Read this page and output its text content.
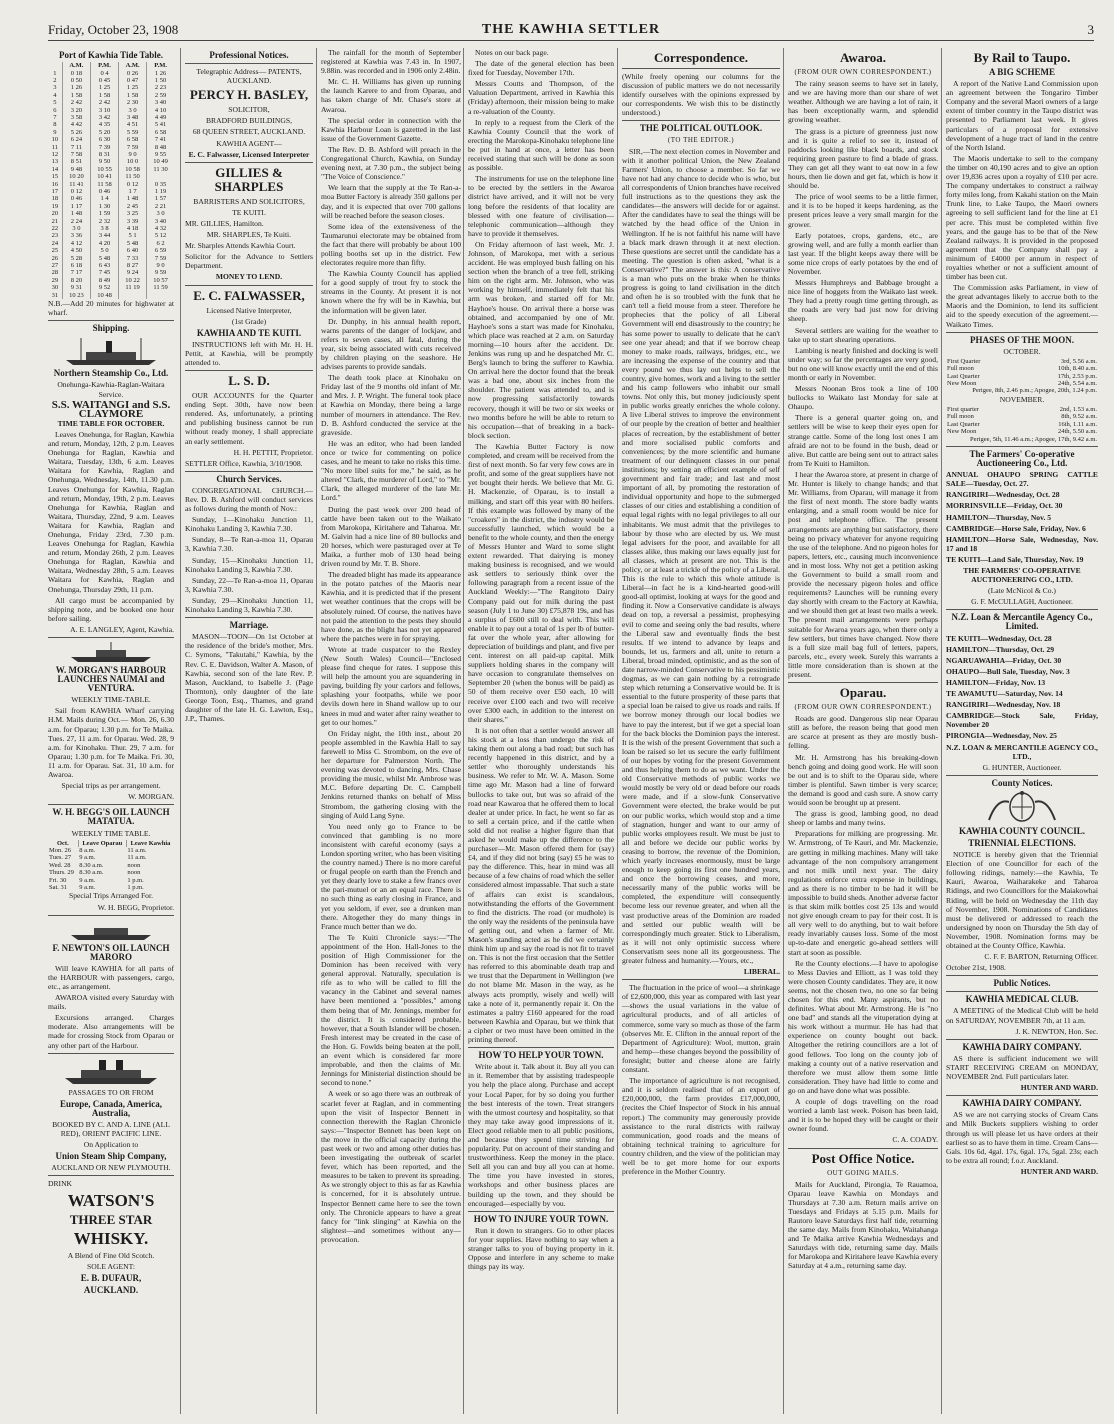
Friday, October 23, 1908	THE KAWHIA SETTLER	3
Port of Kawhia Tide Table.
	A.M.	P.M.	A.M.	P.M.
1	0 18	0 4	0 26	1 26
2	0 50	0 45	0 47	1 50
3	1 26	1 25	1 25	2 23
4	1 58	1 58	1 58	2 59
5	2 42	2 42	2 30	3 40
6	3 20	3 10	3 0	4 10
7	3 58	3 42	3 48	4 49
8	4 42	4 35	4 51	5 41
9	5 26	5 20	5 59	6 58
10	6 24	6 30	6 58	7 41
11	7 11	7 39	7 59	8 48
12	7 58	8 31	9 0	9 55
13	8 51	9 50	10 0	10 49
14	9 48	10 55	10 58	11 30
15	10 20	10 41	11 50	
16	11 41	11 58	0 12	0 35
17	0 12	0 46	1 7	1 19
18	0 46	1 4	1 48	1 57
19	1 17	1 30	2 45	2 21
20	1 48	1 59	3 25	3 0
21	2 24	2 32	3 39	3 40
22	3 0	3 8	4 18	4 32
23	3 36	3 44	5 1	5 12
24	4 12	4 20	5 48	6 2
25	4 50	5 0	6 40	6 59
26	5 28	5 48	7 33	7 59
27	6 18	6 43	8 27	9 0
28	7 17	7 45	9 24	9 59
29	8 20	8 49	10 22	10 57
30	9 31	9 52	11 19	11 59
31	10 23	10 48		

N.B.—Add 20 minutes for highwater at wharf.

Shipping.
Northern Steamship Co., Ltd.

Onehunga-Kawhia-Raglan-Waitara Service.

S.S. WAITANGI and S.S. CLAYMORE

TIME TABLE FOR OCTOBER.

Leaves Onehunga, for Raglan, Kawhia and return, Monday, 12th, 2 p.m. Leaves Onehunga for Raglan, Kawhia and Waitara, Tuesday, 13th, 6 a.m. Leaves Waitara for Kawhia, Raglan and Onehunga, Wednesday, 14th, 11.30 p.m. Leaves Onehunga for Kawhia, Raglan and return, Monday, 19th, 2 p.m. Leaves Onehunga for Kawhia, Raglan and Waitara, Thursday, 22nd, 9 a.m. Leaves Waitara for Kawhia, Raglan and Onehunga, Friday 23rd, 7.30 p.m. Leaves Onehunga for Raglan, Kawhia and return, Monday 26th, 2 p.m. Leaves Onehunga for Raglan, Kawhia and Waitara, Wednesday 28th, 5 a.m. Leaves Waitara for Kawhia, Raglan and Onehunga, Thursday 29th, 11 p.m.

All cargo must be accompanied by shipping note, and be booked one hour before sailing.

A. E. LANGLEY, Agent, Kawhia.

W. MORGAN'S HARBOUR LAUNCHES NAUMAI and VENTURA.

WEEKLY TIME-TABLE.

Sail from KAWHIA Wharf carrying H.M. Mails during Oct.— Mon. 26, 6.30 a.m. for Oparau; 1.30 p.m. for Te Maika. Tues. 27, 11 a.m. for Oparau. Wed. 28, 9 a.m. for Kinohaku. Thur. 29, 7 a.m. for Oparau; 1.30 p.m. for Te Maika. Fri. 30, 11 a.m. for Oparau. Sat. 31, 10 a.m. for Awaroa.

Special trips as per arrangement.

W. MORGAN.

W. H. BEGG'S OIL LAUNCH MATATUA.

WEEKLY TIME TABLE.

Oct.	Leave Oparau	Leave Kawhia
Mon. 26	8 a.m.	11 a.m.
Tues. 27	9 a.m.	11 a.m.
Wed. 28	8.30 a.m.	noon
Thurs. 29	8.30 a.m.	noon
Fri. 30	9 a.m.	1 p.m.
Sat. 31	9 a.m.	1 p.m.

Special Trips Arranged For.

W. H. BEGG, Proprietor.

F. NEWTON'S OIL LAUNCH MARORO

Will leave KAWHIA for all parts of the HARBOUR with passengers, cargo, etc., as arrangement.

AWAROA visited every Saturday with mails.

Excursions arranged. Charges moderate. Also arrangements will be made for crossing Stock from Oparau or any other part of the Harbour.

PASSAGES TO OR FROM

Europe, Canada, America, Australia,

BOOKED BY C. AND A. LINE (ALL RED), ORIENT PACIFIC LINE.

On Application to

Union Steam Ship Company,

AUCKLAND OR NEW PLYMOUTH.

DRINK

WATSON'S
THREE STAR
WHISKY.

A Blend of Fine Old Scotch.

SOLE AGENT:

E. B. DUFAUR,
AUCKLAND.
Professional Notices.

Telegraphic Address— PATENTS, AUCKLAND.

PERCY H. BASLEY,

SOLICITOR,

BRADFORD BUILDINGS,

68 QUEEN STREET, AUCKLAND.

KAWHIA AGENT—

E. C. Falwasser, Licensed Interpreter

GILLIES & SHARPLES

BARRISTERS AND SOLICITORS,

TE KUITI.

MR. GILLIES, Hamilton.

MR. SHARPLES, Te Kuiti.

Mr. Sharples Attends Kawhia Court.

Solicitor for the Advance to Settlers Department.

MONEY TO LEND.

E. C. FALWASSER,

Licensed Native Interpreter,

(1st Grade)

KAWHIA AND TE KUITI.

INSTRUCTIONS left with Mr. H. H. Pettit, at Kawhia, will be promptly attended to.

L. S. D.

OUR ACCOUNTS for the Quarter ending Sept. 30th, have now been rendered. As, unfortunately, a printing and publishing business cannot be run without ready money, I shall appreciate an early settlement.

H. H. PETTIT, Proprietor.

SETTLER Office, Kawhia, 3/10/1908.

Church Services.

CONGREGATIONAL CHURCH.—Rev. D. B. Ashford will conduct services as follows during the month of Nov.:

Sunday, 1—Kinohaku Junction 11, Kinohaku Landing 3, Kawhia 7.30.

Sunday, 8—Te Ran-a-moa 11, Oparau 3, Kawhia 7.30.

Sunday, 15—Kinohaku Junction 11, Kinohaku Landing 3, Kawhia 7.30.

Sunday, 22—Te Ran-a-moa 11, Oparau 3, Kawhia 7.30.

Sunday, 29—Kinohaku Junction 11, Kinohaku Landing 3, Kawhia 7.30.

Marriage.

MASON—TOON—On 1st October at the residence of the bride's mother, Mrs. C. Symons, "Takutahi," Kawhia, by the Rev. C. E. Davidson, Walter A. Mason, of Kawhia, second son of the late Rev. P. Mason, Auckland, to Isabelle J. (Page Thornton), only daughter of the late George Toon, Esq., Thames, and grand daughter of the late H. G. Lawton, Esq., J.P., Thames.

The rainfall for the month of September registered at Kawhia was 7.43 in. In 1907, 9.88in. was recorded and in 1906 only 2.48in.

Mr. C. H. Williams has given up running the launch Karere to and from Oparau, and has taken charge of Mr. Chase's store at Awaroa.

The special order in connection with the Kawhia Harbour Loan is gazetted in the last issue of the Government Gazette.

The Rev. D. B. Ashford will preach in the Congregational Church, Kawhia, on Sunday evening next, at 7.30 p.m., the subject being "The Voice of Conscience."

We learn that the supply at the Te Ran-a-moa Butter Factory is already 350 gallons per day, and it is expected that over 700 gallons will be reached before the season closes.

Some idea of the extensiveness of the Taumarunui electorate may be obtained from the fact that there will probably be about 100 polling booths set up in the district. Few electorates require more than fifty.

The Kawhia County Council has applied for a good supply of trout fry to stock the streams in the County. At present it is not known where the fry will be in Kawhia, but the information will be given later.

Dr. Dunphy, in his annual health report, warns parents of the danger of lockjaw, and refers to seven cases, all fatal, during the year, six being associated with cuts received by children playing on the seashore. He advises parents to provide sandals.

The death took place at Kinohaku on Friday last of the 9 months old infant of Mr. and Mrs. J. P. Wright. The funeral took place at Kawhia on Monday, there being a large number of mourners in attendance. The Rev. D. B. Ashford conducted the service at the graveside.

He was an editor, who had been landed once or twice for commenting on police cases, and he meant to take no risks this time. "No more libel suits for me," he said, as he altered "Clark, the murderer of Lord," to "Mr. Clark, the alleged murderer of the late Mr. Lord."

During the past week over 200 head of cattle have been taken out to the Waikato from Marokopa, Kiritahere and Taharoa. Mr. M. Galvin had a nice line of 80 bullocks and 20 horses, which were pasturaged over at Te Maika, a further mob of 130 head being driven round by Mr. T. B. Shore.

The dreaded blight has made its appearance in the potato patches of the Maoris near Kawhia, and it is predicted that if the present wet weather continues that the crops will be absolutely ruined. Of course, the natives have not paid the attention to the pests they should have done, as the blight has not yet appeared where the patches were in for spraying.

Wrote at trade cuspatcer to the Rexley (New South Wales) Council—"Enclosed please find cheque for rates. I suppose this will help the amount you are squandering in paving, building fly your carlors and fellows, splashing your footpaths, while we poor devils down here in Shand wallow up to our knees in mud and water after rainy weather to get to our homes."

On Friday night, the 10th inst., about 20 people assembled in the Kawhia Hall to say farewell to Miss C. Strombom, on the eve of her departure for Palmerston North. The evening was devoted to dancing, Mrs. Chase providing the music, whilst Mr. Ambrose was M.C. Before departing Dr. C. Campbell Jenkins returned thanks on behalf of Miss Strombom, the gathering closing with the singing of Auld Lang Syne.

You need only go to France to be convinced that gambling is no more inconsistent with careful economy (says a London sporting writer, who has been visiting the country named.) There is no more careful or frugal people on earth than the French and yet they dearly love to stake a few francs over the pari-mutuel or an an equal race. There is no such thing as early closing in France, and yet you seldom, if ever, see a drunken man there. Altogether they do many things in France much better than we do.

The Te Kuiti Chronicle says:—"The appointment of the Hon. Hall-Jones to the position of High Commissioner for the Dominion has been received with very general approval. Naturally, speculation is rife as to who will be called to fill the vacancy in the Cabinet and several names have been mentioned a "possibles," among them being that of Mr. Jennings, member for the district. It is considered probable, however, that a South Islander will be chosen. Fresh interest may be created in the case of the Hon. G. Fowlds being beaten at the poll, an event which is considered far more improbable, and then the claims of Mr. Jennings for Ministerial distinction should be second to none."

A week or so ago there was an outbreak of scarlet fever at Raglan, and in commenting upon the visit of Inspector Bennett in connection therewith the Raglan Chronicle says:—"Inspector Bennett has been kept on the move in the official capacity during the past week or two and among other duties has been investigating the outbreak of scarlet fever, which has been reported, and the measures to be taken to prevent its spreading. As we strongly object to this as far as Kawhia is concerned, for it is absolutely untrue. Inspector Bennett came here to see the town only. The Chronicle appears to have a great fancy for "link slinging" at Kawhia on the slightest—and sometimes without any—provocation.

Notes on our back page.

The date of the general election has been fixed for Tuesday, November 17th.

Messrs Coutts and Thompson, of the Valuation Department, arrived in Kawhia this (Friday) afternoon, their mission being to make a re-valuation of the County.

In reply to a request from the Clerk of the Kawhia County Council that the work of erecting the Marokopa-Kinohaku telephone line be put in hand at once, a letter has been received stating that such will be done as soon as possible.

The instruments for use on the telephone line to be erected by the settlers in the Awaroa district have arrived, and it will not be very long before the residents of that locality are blessed with one feature of civilisation—telephonic communication—although they have to provide it themselves.

On Friday afternoon of last week, Mr. J. Johnson, of Marokopa, met with a serious accident. He was employed bush falling on his section when the branch of a tree fell, striking him on the right arm. Mr. Johnson, who was working by himself, immediately felt that his arm was broken, and started off for Mr. Hayhoe's house. On arrival there a horse was obtained, and accompanied by one of Mr. Hayhoe's sons a start was made for Kinohaku, which place was reached at 2 a.m. on Saturday morning—10 hours after the accident. Dr. Jenkins was rung up and he despatched Mr. C. Berg's launch to bring the sufferer to Kawhia. On arrival here the doctor found that the break was a bad one, about six inches from the shoulder. The patient was attended to, and is now progressing satisfactorily towards recovery, though it will be two or six weeks or two months before he will be able to return to his occupation—that of breaking in a back-block section.

The Kawhia Butter Factory is now completed, and cream will be received from the first of next month. So far very few cows are in profit, and some of the great suppliers have not yet bought their herds. We believe that Mr. G. H. Mackenzie, of Oparau, is to install a milking, and start off this year with 80 heifers. If this example was followed by many of the "croakers" in the district, the industry would be successfully launched, which would be a benefit to the whole county, and then the energy of Messrs Hunter and Ward to some slight extent rewarded. That dairying is money making business is recognised, and we would ask settlers to seriously think over the following paragraph from a recent issue of the Auckland Weekly:—"The Rangitoto Dairy Company paid out for milk during the past season (July 1 to June 30) £75,878 19s, and has a surplus of £600 still to deal with. This will enable it to pay out a total of 1s per lb of butter-fat over the whole year, after allowing for depreciation of buildings and plant, and five per cent. interest on all paid-up capital. Milk suppliers holding shares in the company will have occasion to congratulate themselves on September 20 (when the bonus will be paid) as 50 of them receive over £50 each, 10 will receive over £100 each and two will receive over £300 each, in addition to the interest on their shares."

It is not often that a settler would answer all his stock at a loss than undergo the risk of taking them out along a bad road; but such has recently happened in this district, and by a settler who thoroughly understands his business. We refer to Mr. W. A. Mason. Some time ago Mr. Mason had a line of forward bullocks to take out, but was so afraid of the road near Kawaroa that he offered them to local dealer at under price. In fact, he went so far as to sell a certain price, and if the cattle when sold did not realise a higher figure than that asked he would make up the difference to the purchaser—Mr. Mason offered them for (say) £4, and if they did not bring (say) £5 he was to pay the difference. This, hear in mind was all because of a few chains of road which the seller considered almost impassable. That such a state of affairs can exist is scandalous, notwithstanding the efforts of the Government to find the districts. The road (or mudhole) is the only way the residents of the peninsula have of getting out, and when a farmer of Mr. Mason's standing acted as he did we certainly think him up and say the road is not fit to travel on. This is not the first occasion that the Settler has referred to this abominable death trap and we trust that the Department in Wellington (we do not blame Mr. Mason in the way, as he always acts promptly, wisely and well) will take a note of it, permanently repair it. On the estimates a paltry £160 appeared for the road between Kawhia and Oparau, but we think that a cipher or two must have been omitted in the printing thereof.

HOW TO HELP YOUR TOWN.

Write about it. Talk about it. Buy all you can in it. Remember that by assisting tradespeople you help the place along. Purchase and accept your Local Paper, for by so doing you further the best interests of the town. Treat strangers with the utmost courtesy and hospitality, so that they may take away good impressions of it. Elect good reliable men to all public positions, and because they spend time striving for popularity. Put on account of their standing and trustworthiness. Keep the money in the place. Sell all you can and buy all you can at home. The time you have invested in stores, workshops and other business places are building up the town, and they should be encouraged—especially by vou.

HOW TO INJURE YOUR TOWN.

Run it down to strangers. Go to other places for your supplies. Have nothing to say when a stranger talks to you of buying property in it. Oppose and interfere in any scheme to make things pay its way.

Correspondence.

(While freely opening our columns for the discussion of public matters we do not necessarily identify ourselves with the opinions expressed by our correspondents. We wish this to be distinctly understood.)

THE POLITICAL OUTLOOK.

(TO THE EDITOR.)

SIR,—The next election comes in November and with it another political Union, the New Zealand Farmers' Union, to choose a member. So far we have not had any chance to decide who is who, but all correspondents of Union branches have received full instructions as to the questions they ask the candidates—the answers will decide for or against. After the candidates have to seal the things will be watched by the head office of the Union in Wellington. If he is not faithful his name will have a black mark drawn through it at next election. These questions are secret until the candidate has a meeting. The question is often asked, "what is a Conservative?" The answer is this: A conservative is a man who puts on the brake when he thinks progress is going to land civilisation in the ditch and often he is so troubled with the funk that he can't tell a field mouse from a steer. Therefore he prophecies that the policy of all Liberal Government will end disastrously to the country; he has some power to usually to delicate that he can't see one year ahead; and that if we borrow cheap money to make roads, railways, bridges, etc., we are increasing the expense of the country and that every pound we thus lay out helps to sell the country, give homes, work and a living to the settler and his camp followers who inhabit our small towns. Not only this, but money judiciously spent in public works greatly enriches the whole colony. A live Liberal strives to improve the environment of our people by the creation of better and healthier places of recreation, by the establishment of better and more socialised public comforts and conveniences; by the more scientific and humane treatment of our delinquent classes in our penal institutions; by setting an efficient example of self government and fair trade; and last and most important of all, by promoting the restoration of individual opportunity and hope to the submerged classes of our cities and establishing a condition of equal legal rights with no legal privileges to all our inhabitants. We must admit that the privileges to labour by those who are elected by us. We must legal advisers for the poor, and available for all classes alike, thus making our laws equally just for all classes, which at present are not. This is the policy, or at least a trickle of the policy of a Liberal. This is the rule to which this whole attitude is Liberal—in fact he is a kind-hearted good-will good-all optimist, looking at ways for the good and finding it. Now a Conservative candidate is always dead on top, a reversal a pessimist, prophesying evil to come and seeing only the bad results, where the Liberal saw and eventually finds the best results. If we intend to advance by leaps and bounds, let us, farmers and all, unite to return a Liberal, broad minded, optimistic, and as the son of date narrow-minded Conservative to his pessimistic dogmas, as we can gain nothing by a retrograde step which returning a Conservative would be. It is essential to the future prosperity of these parts that a special loan be raised to give us roads and rails. If we borrow money through our local bodies we have to pay the interest, but if we get a special loan for the back blocks the Dominion pays the interest. It is the wish of the present Government that such a loan be raised so let us secure the early fulfilment of our hopes by voting for the present Government and thus helping them to do as we want. Under the old Conservative methods of public works we would mostly be very old or dead before our roads were made, and if a slow-funk Conservative Government were elected, the brake would be put on our public works, which would stop and a time of stagnation, hunger and want to our army of public works employees result. We must be just to all and before we decide our public works by ceasing to borrow, the revenue of the Dominion, which yearly increases enormously, must be large enough to keep going its first one hundred years, and once the borrowing ceases, and more, necessarily many of the public works will be completed, the expenditure will consequently become less our revenue greater, and when all the vast productive areas of the Dominion are roaded and settled our public wealth will be correspondingly much greater. Stick to Liberalism, as it will not only optimistic success where Conservatism sees none all its gorgeousness. The greater fulness and humanity.—Yours, etc.,

LIBERAL.

The fluctuation in the price of wool—a shrinkage of £2,600,000, this year as compared with last year—shows the usual variations in the value of agricultural products, and of all articles of commerce, some vary so much as those of the farm (observes Mr. E. Clifton in the annual report of the Department of Agriculture): Wool, mutton, grain and hemp—these changes beyond the possibility of foresight; butter and cheese alone are fairly constant.

The importance of agriculture is not recognised, and it is seldom realised that of an export of £20,000,000, the farm provides £17,000,000, (recites the Chief Inspector of Stock in his annual report.) The community may generously provide assistance to the rural districts with railway communication, good roads and the means of obtaining technical training to agriculture for country children, and the view of the politician may well be to get more home for our exports preference in the Mother Country.

Awaroa.

(FROM OUR OWN CORRESPONDENT.)

The rainy season seems to have set in lately, and we are having more than our share of wet weather. Although we are having a lot of rain, it has been exceptionally warm, and splendid growing weather.

The grass is a picture of greenness just now and it is quite a relief to see it, instead of paddocks looking like black boards, and stock requiring green pasture to find a blade of grass. They can get all they want to eat now in a few hours, then lie down and get fat, which is how it should be.

The price of wool seems to be a little firmer, and it is to be hoped it keeps hardening, as the present prices leave a very small margin for the grower.

Early potatoes, crops, gardens, etc., are growing well, and are fully a month earlier than last year. If the blight keeps away there will be some nice crops of early potatoes by the end of November.

Messrs Humphreys and Babbage brought a nice line of hoggets from the Waikato last week. They had a pretty rough time getting through, as the roads are very bad just now for driving sheep.

Several settlers are waiting for the weather to take up to start shearing operations.

Lambing is nearly finished and docking is well under way; so far the percentages are very good, but no one will know exactly until the end of this month or early in November.

Messrs Noonan Bros took a line of 100 bullocks to Waikato last Monday for sale at Ohaupo.

There is a general quarter going on, and settlers will be wise to keep their eyes open for strange cattle. Some of the long lost ones I am afraid are not to be found in the bush, dead or alive. But cattle are being sent out to attract sales from Te Kuiti to Hamilton.

I hear the Awaroa store, at present in charge of Mr. Hunter is likely to change hands; and that Mr. Williams, from Oparau, will manage it from the first of next month. The store badly wants enlarging, and a small room would be nice for post and telephone office. The present arrangements are anything but satisfactory, there being no privacy whatever for anyone requiring the use of the telephone. And no pigeon holes for papers, letters, etc., causing much inconvenience and in most loss. Why not get a petition asking the Government to build a small room and provide the necessary pigeon holes and office requirements? Launches will be running every day shortly with cream to the Factory at Kawhia, and we should then get at least two mails a week. The present mail arrangements were perhaps suitable for Awaroa years ago, when there only a few settlers, but times have changed. Now there is a full size mail bag full of letters, papers, parcels, etc., every week. Surely this warrants a little more consideration than is shown at the present.

Oparau.

(FROM OUR OWN CORRESPONDENT.)

Roads are good. Dangerous slip near Oparau still as before, the reason being that good men are scarce at present as they are mostly bush-felling.

Mr. H. Armstrong has his breaking-down bench going and doing good work. He will soon be out and is to shift to the Oparau side, where timber is plentiful. Sawn timber is very scarce; the demand is good and cash sure. A snow carry would soon be brought up at present.

The grass is good, lambing good, no dead sheep or lambs and many twins.

Preparations for milking are progressing. Mr. W. Armstrong, of Te Kauri, and Mr. Mackenzie, are getting in milking machines. Many will take advantage of the non compulsory arrangement and not milk until next year. The dairy regulations enforce extra expense in buildings, and as there is no timber to be had it will be impossible to build sheds. Another adverse factor is that skim milk bottles cost 25 13s and would not give enough cream to pay for their cost. It is all very well to do anything, but to wait before ready invariably causes loss. Some of the most up-to-date and energetic go-ahead settlers will start at soon as possible.

Re the County elections.—I have to apologise to Mess Davies and Elliott, as I was told they were chosen County candidates. They are, it now seems, not the chosen two, no one so far being chosen for this end. Many aspirants, but no definites. What about Mr. Armstrong. He is "no one bad" and stands all the vituperation dying at his work without a murmur. He has had that experience on county bought out back. Altogether the retiring councillors are a lot of good fellows. Too long on the county job of making a county out of a native reservation and therefore we must allow them some little consideration. They have had little to come and go on and have done what was possible.

A couple of dogs travelling on the road worried a lamb last week. Poison has been laid, and it is to be hoped they will be caught or their owner found.

C. A. COADY.

Post Office Notice.

OUT GOING MAILS.

Mails for Auckland, Pirongia, Te Rauamoa, Oparau leave Kawhia on Mondays and Thursdays at 7.30 a.m. Return mails arrive on Tuesdays and Fridays at 5.15 p.m. Mails for Rautoro leave Saturdays first half tide, returning the same day. Mails from Kinohaku, Waitahanga and Te Maika arrive Kawhia Wednesdays and Saturdays with tide, returning same day. Mails for Marokopa and Kiritahere leave Kawhia every Saturday at 4 a.m., returning same day.

By Rail to Taupo.
A BIG SCHEME

A report of the Native Land Commission upon an agreement between the Tongariro Timber Company and the several Maori owners of a large extent of timber country in the Taupo district was presented to Parliament last week. It gives particulars of a proposal for extensive development of a huge tract of land in the centre of the North Island.

The Maoris undertake to sell to the company the timber on 40,190 acres and to give an option over 19,836 acres upon a royalty of £10 per acre. The company undertakes to construct a railway forty miles long, from Kakahi station on the Main Trunk line, to Lake Taupo, the Maori owners agreeing to sell sufficient land for the line at £1 per acre. This must be completed within five years, and the gauge has to be that of the New Zealand railways. It is provided in the proposed agreement that the Company shall pay a minimum of £4000 per annum in respect of royalties whether or not a sufficient amount of timber has been cut.

The Commission asks Parliament, in view of the great advantages likely to accrue both to the Maoris and the Dominion, to lend its sufficient aid to the speedy execution of the agreement.—Waikato Times.

PHASES OF THE MOON.

OCTOBER.

First Quarter	3rd, 5.56 a.m.
Full moon	10th, 8.40 a.m.
Last Quarter	17th, 2.53 p.m.
New Moon	24th, 5.54 a.m.
Perigee, 8th, 2.46 p.m.; Apogee, 20th, 1.24 p.m.	

NOVEMBER.

First quarter	2nd, 1.53 a.m.
Full moon	8th, 9.52 a.m.
Last Quarter	16th, 1.11 a.m.
New Moon	24th, 5.50 a.m.
Perigee, 5th, 11.46 a.m.; Apogee, 17th, 9.42 a.m.	
The Farmers' Co-operative Auctioneering Co., Ltd.

ANNUAL OHAUPO SPRING CATTLE SALE—Tuesday, Oct. 27.

RANGIRIRI—Wednesday, Oct. 28

MORRINSVILLE—Friday, Oct. 30

HAMILTON—Thursday, Nov. 5

CAMBRIDGE—Horse Sale, Friday, Nov. 6

HAMILTON—Horse Sale, Wednesday, Nov. 17 and 18

TE KUITI—Land Sale, Thursday, Nov. 19

THE FARMERS' CO-OPERATIVE AUCTIONEERING CO., LTD.

(Late McNicol & Co.)

G. F. McCULLAGH, Auctioneer.

N.Z. Loan & Mercantile Agency Co., Limited.

TE KUITI—Wednesday, Oct. 28

HAMILTON—Thursday, Oct. 29

NGARUAWAHIA—Friday, Oct. 30

OHAUPO—Bull Sale, Tuesday, Nov. 3

HAMILTON—Friday, Nov. 13

TE AWAMUTU—Saturday, Nov. 14

RANGIRIRI—Wednesday, Nov. 18

CAMBRIDGE—Stock Sale, Friday, November 20

PIRONGIA—Wednesday, Nov. 25

N.Z. LOAN & MERCANTILE AGENCY CO., LTD.,

G. HUNTER, Auctioneer.

County Notices.
KAWHIA COUNTY COUNCIL.
TRIENNIAL ELECTIONS.

NOTICE is hereby given that the Triennial Election of one Councillor for each of the following ridings, namely:—the Kawhia, Te Kauri, Awaroa, Waiharakeke and Taharoa Ridings, and two Councillors for the Maiakowhai Riding, will be held on Wednesday the 11th day of November, 1908. Nominations of Candidates must be delivered or addressed to reach the undersigned by noon on Thursday the 5th day of November, 1908. Nomination forms may be obtained at the County Office, Kawhia.

C. F. F. BARTON, Returning Officer.

October 21st, 1908.

Public Notices.
KAWHIA MEDICAL CLUB.

A MEETING of the Medical Club will be held on SATURDAY, NOVEMBER 7th, at 11 a.m.

J. K. NEWTON, Hon. Sec.

KAWHIA DAIRY COMPANY.

AS there is sufficient inducement we will START RECEIVING CREAM on MONDAY, NOVEMBER 2nd. Full particulars later.

HUNTER AND WARD.

KAWHIA DAIRY COMPANY.

AS we are not carrying stocks of Cream Cans and Milk Buckets suppliers wishing to order through us will please let us have orders at their earliest so as to have them in time. Cream Cans—Gals. 10s 6d, 4gal. 17s, 6gal. 17s, 5gal. 23s; each to be extra all round; f.o.r. Auckland.

HUNTER AND WARD.
